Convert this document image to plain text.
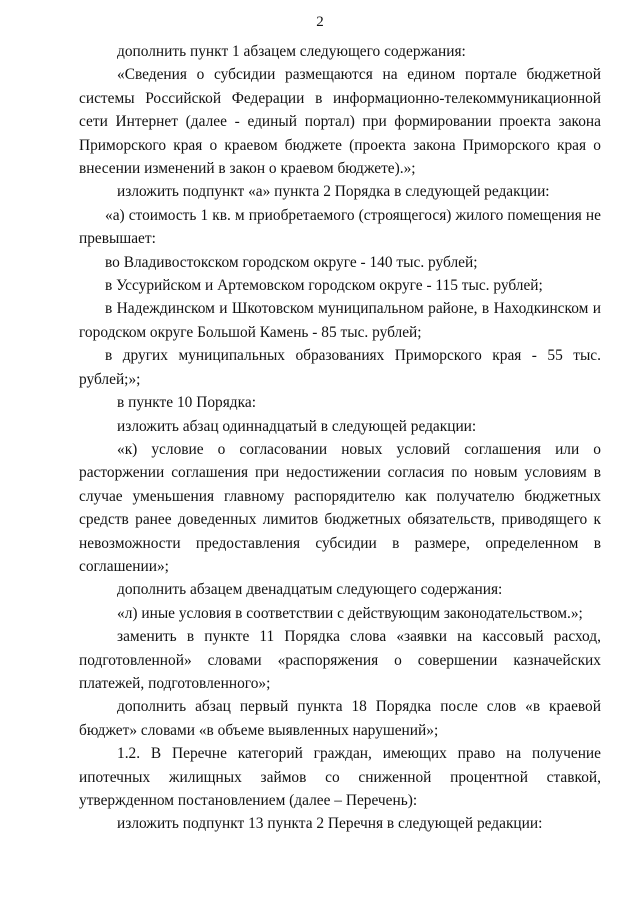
2

дополнить пункт 1 абзацем следующего содержания:

«Сведения о субсидии размещаются на едином портале бюджетной системы Российской Федерации в информационно-телекоммуникационной сети Интернет (далее - единый портал) при формировании проекта закона Приморского края о краевом бюджете (проекта закона Приморского края о внесении изменений в закон о краевом бюджете).»;

изложить подпункт «а» пункта 2 Порядка в следующей редакции:

«а) стоимость 1 кв. м приобретаемого (строящегося) жилого помещения не превышает:

во Владивостокском городском округе - 140 тыс. рублей;

в Уссурийском и Артемовском городском округе - 115 тыс. рублей;

в Надеждинском и Шкотовском муниципальном районе, в Находкинском и городском округе Большой Камень - 85 тыс. рублей;

в других муниципальных образованиях Приморского края - 55 тыс. рублей;»;

в пункте 10 Порядка:

изложить абзац одиннадцатый в следующей редакции:

«к) условие о согласовании новых условий соглашения или о расторжении соглашения при недостижении согласия по новым условиям в случае уменьшения главному распорядителю как получателю бюджетных средств ранее доведенных лимитов бюджетных обязательств, приводящего к невозможности предоставления субсидии в размере, определенном в соглашении»;

дополнить абзацем двенадцатым следующего содержания:

«л) иные условия в соответствии с действующим законодательством.»;

заменить в пункте 11 Порядка слова «заявки на кассовый расход, подготовленной» словами «распоряжения о совершении казначейских платежей, подготовленного»;

дополнить абзац первый пункта 18 Порядка после слов «в краевой бюджет» словами «в объеме выявленных нарушений»;

1.2. В Перечне категорий граждан, имеющих право на получение ипотечных жилищных займов со сниженной процентной ставкой, утвержденном постановлением (далее – Перечень):

изложить подпункт 13 пункта 2 Перечня в следующей редакции:
